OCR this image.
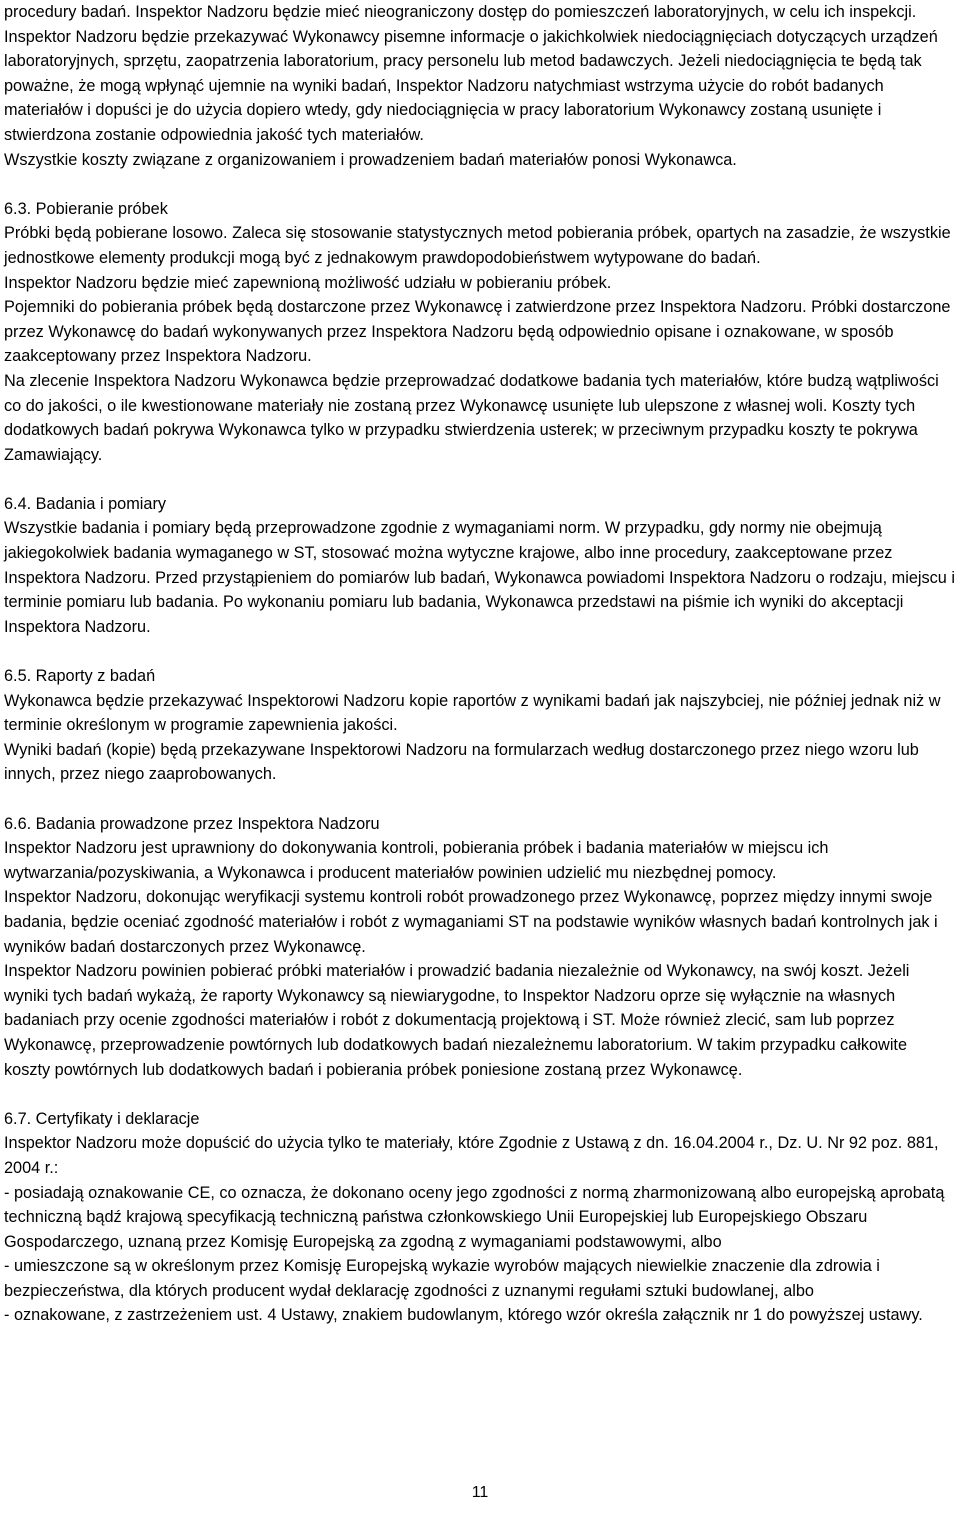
procedury badań. Inspektor Nadzoru będzie mieć nieograniczony dostęp do pomieszczeń laboratoryjnych, w celu ich inspekcji.

Inspektor Nadzoru będzie przekazywać Wykonawcy pisemne informacje o jakichkolwiek niedociągnięciach dotyczących urządzeń laboratoryjnych, sprzętu, zaopatrzenia laboratorium, pracy personelu lub metod badawczych. Jeżeli niedociągnięcia te będą tak poważne, że mogą wpłynąć ujemnie na wyniki badań, Inspektor Nadzoru natychmiast wstrzyma użycie do robót badanych materiałów i dopuści je do użycia dopiero wtedy, gdy niedociągnięcia w pracy laboratorium Wykonawcy zostaną usunięte i stwierdzona zostanie odpowiednia jakość tych materiałów.

Wszystkie koszty związane z organizowaniem i prowadzeniem badań materiałów ponosi Wykonawca.

6.3. Pobieranie próbek

Próbki będą pobierane losowo. Zaleca się stosowanie statystycznych metod pobierania próbek, opartych na zasadzie, że wszystkie jednostkowe elementy produkcji mogą być z jednakowym prawdopodobieństwem wytypowane do badań.

Inspektor Nadzoru będzie mieć zapewnioną możliwość udziału w pobieraniu próbek.

Pojemniki do pobierania próbek będą dostarczone przez Wykonawcę i zatwierdzone przez Inspektora Nadzoru. Próbki dostarczone przez Wykonawcę do badań wykonywanych przez Inspektora Nadzoru będą odpowiednio opisane i oznakowane, w sposób zaakceptowany przez Inspektora Nadzoru.

Na zlecenie Inspektora Nadzoru Wykonawca będzie przeprowadzać dodatkowe badania tych materiałów, które budzą wątpliwości co do jakości, o ile kwestionowane materiały nie zostaną przez Wykonawcę usunięte lub ulepszone z własnej woli. Koszty tych dodatkowych badań pokrywa Wykonawca tylko w przypadku stwierdzenia usterek; w przeciwnym przypadku koszty te pokrywa Zamawiający.

6.4. Badania i pomiary

Wszystkie badania i pomiary będą przeprowadzone zgodnie z wymaganiami norm. W przypadku, gdy normy nie obejmują jakiegokolwiek badania wymaganego w ST, stosować można wytyczne krajowe, albo inne procedury, zaakceptowane przez Inspektora Nadzoru. Przed przystąpieniem do pomiarów lub badań, Wykonawca powiadomi Inspektora Nadzoru o rodzaju, miejscu i terminie pomiaru lub badania. Po wykonaniu pomiaru lub badania, Wykonawca przedstawi na piśmie ich wyniki do akceptacji Inspektora Nadzoru.

6.5. Raporty z badań

Wykonawca będzie przekazywać Inspektorowi Nadzoru kopie raportów z wynikami badań jak najszybciej, nie później jednak niż w terminie określonym w programie zapewnienia jakości.

Wyniki badań (kopie) będą przekazywane Inspektorowi Nadzoru na formularzach według dostarczonego przez niego wzoru lub innych, przez niego zaaprobowanych.

6.6. Badania prowadzone przez Inspektora Nadzoru

Inspektor Nadzoru jest uprawniony do dokonywania kontroli, pobierania próbek i badania materiałów w miejscu ich wytwarzania/pozyskiwania, a Wykonawca i producent materiałów powinien udzielić mu niezbędnej pomocy.

Inspektor Nadzoru, dokonując weryfikacji systemu kontroli robót prowadzonego przez Wykonawcę, poprzez między innymi swoje badania, będzie oceniać zgodność materiałów i robót z wymaganiami ST na podstawie wyników własnych badań kontrolnych jak i wyników badań dostarczonych przez Wykonawcę.

Inspektor Nadzoru powinien pobierać próbki materiałów i prowadzić badania niezależnie od Wykonawcy, na swój koszt. Jeżeli wyniki tych badań wykażą, że raporty Wykonawcy są niewiarygodne, to Inspektor Nadzoru oprze się wyłącznie na własnych badaniach przy ocenie zgodności materiałów i robót z dokumentacją projektową i ST. Może również zlecić, sam lub poprzez Wykonawcę, przeprowadzenie powtórnych lub dodatkowych badań niezależnemu laboratorium. W takim przypadku całkowite koszty powtórnych lub dodatkowych badań i pobierania próbek poniesione zostaną przez Wykonawcę.

6.7. Certyfikaty i deklaracje

Inspektor Nadzoru może dopuścić do użycia tylko te materiały, które Zgodnie z Ustawą z dn. 16.04.2004 r., Dz. U. Nr 92 poz. 881, 2004 r.:

- posiadają oznakowanie CE, co oznacza, że dokonano oceny jego zgodności z normą zharmonizowaną albo europejską aprobatą techniczną bądź krajową specyfikacją techniczną państwa członkowskiego Unii Europejskiej lub Europejskiego Obszaru Gospodarczego, uznaną przez Komisję Europejską za zgodną z wymaganiami podstawowymi, albo

- umieszczone są w określonym przez Komisję Europejską wykazie wyrobów mających niewielkie znaczenie dla zdrowia i bezpieczeństwa, dla których producent wydał deklarację zgodności z uznanymi regułami sztuki budowlanej, albo

- oznakowane, z zastrzeżeniem ust. 4 Ustawy, znakiem budowlanym, którego wzór określa załącznik nr 1 do powyższej ustawy.

11
